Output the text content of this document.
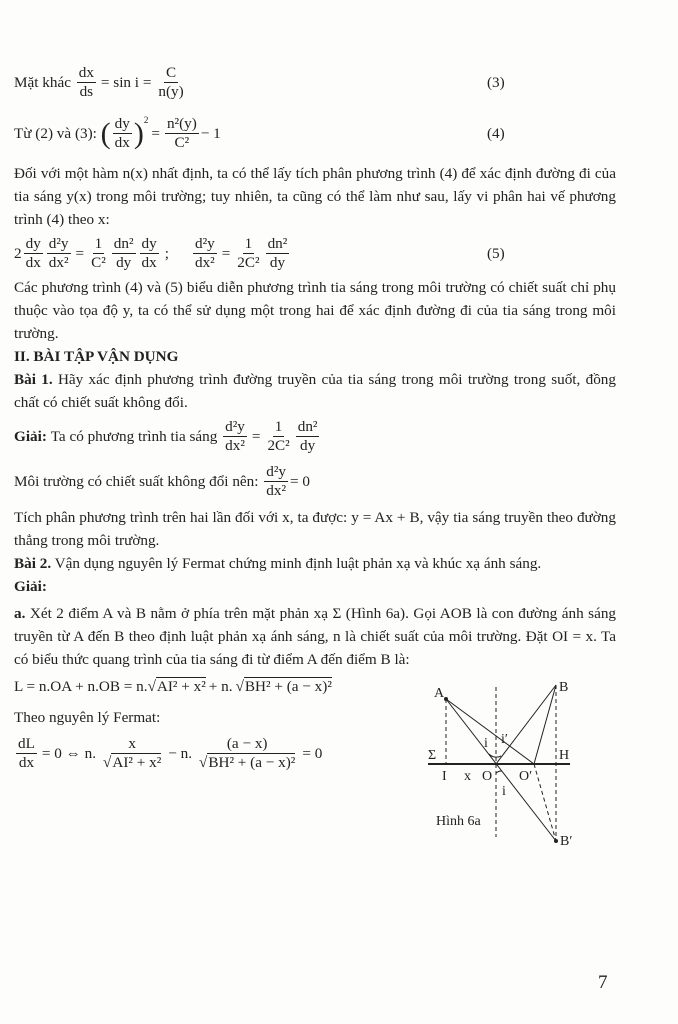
Mặt khác
$\frac{dx}{ds} = \sin i = \frac{C}{n(y)}$	(3)
Từ (2) và (3):
( $\frac{dy}{dx} )^2$
= $\frac{\text{n²(y)}}{\text{C²}} - 1$	(4)
Đối với một hàm n(x) nhất định, ta có thể lấy tích phân phương trình (4) để xác định đường đi của tia sáng y(x) trong môi trường; tuy nhiên, ta cũng có thể làm như sau, lấy vi phân hai vế phương trình (4) theo x:
$2 \frac{dy}{dx} \frac{\text{d²y}}{\text{dx²}} = \frac{1}{\text{C²}} \frac{\text{dn²}}{dy} \frac{dy}{dx}$ ; $\frac{\text{d²y}}{\text{dx²}} = \frac{1}{\text{2C²}} \frac{\text{dn²}}{dy}$	(5)
Các phương trình (4) và (5) biểu diễn phương trình tia sáng trong môi trường có chiết suất chỉ phụ thuộc vào tọa độ y, ta có thể sử dụng một trong hai để xác định đường đi của tia sáng trong môi trường.
II. BÀI TẬP VẬN DỤNG
Bài 1. Hãy xác định phương trình đường truyền của tia sáng trong môi trường trong suốt, đồng chất có chiết suất không đổi.
Giải:
Ta có phương trình tia sáng
$\frac{\text{d²y}}{\text{dx²}} = \frac{1}{\text{2C²}} \frac{\text{dn²}}{dy}$
Môi trường có chiết suất không đổi nên:
$\frac{\text{d²y}}{\text{dx²}} = 0$
Tích phân phương trình trên hai lần đối với x, ta được: y = Ax + B, vậy tia sáng truyền theo đường thẳng trong môi trường.
Bài 2. Vận dụng nguyên lý Fermat chứng minh định luật phản xạ và khúc xạ ánh sáng.
Giải:
a. Xét 2 điểm A và B nằm ở phía trên mặt phản xạ Σ (Hình 6a). Gọi AOB là con đường ánh sáng truyền từ A đến B theo định luật phản xạ ánh sáng, n là chiết suất của môi trường. Đặt OI = x. Ta có biểu thức quang trình của tia sáng đi từ điểm A đến điểm B là:
L = n.OA + n.OB = n. √ AI² + x² + n. √ BH² + (a − x)²
Theo nguyên lý Fermat:
$\frac{dL}{dx} = 0$ ⇔ n. $\frac{x}{\text{√AI² + x²}} - n$. $\frac{(a - x)}{\text{√BH² + (a − x)²}} = 0$
A	B
B′
Σ	H
I x O O′
i i′
i
Hình 6a
7
